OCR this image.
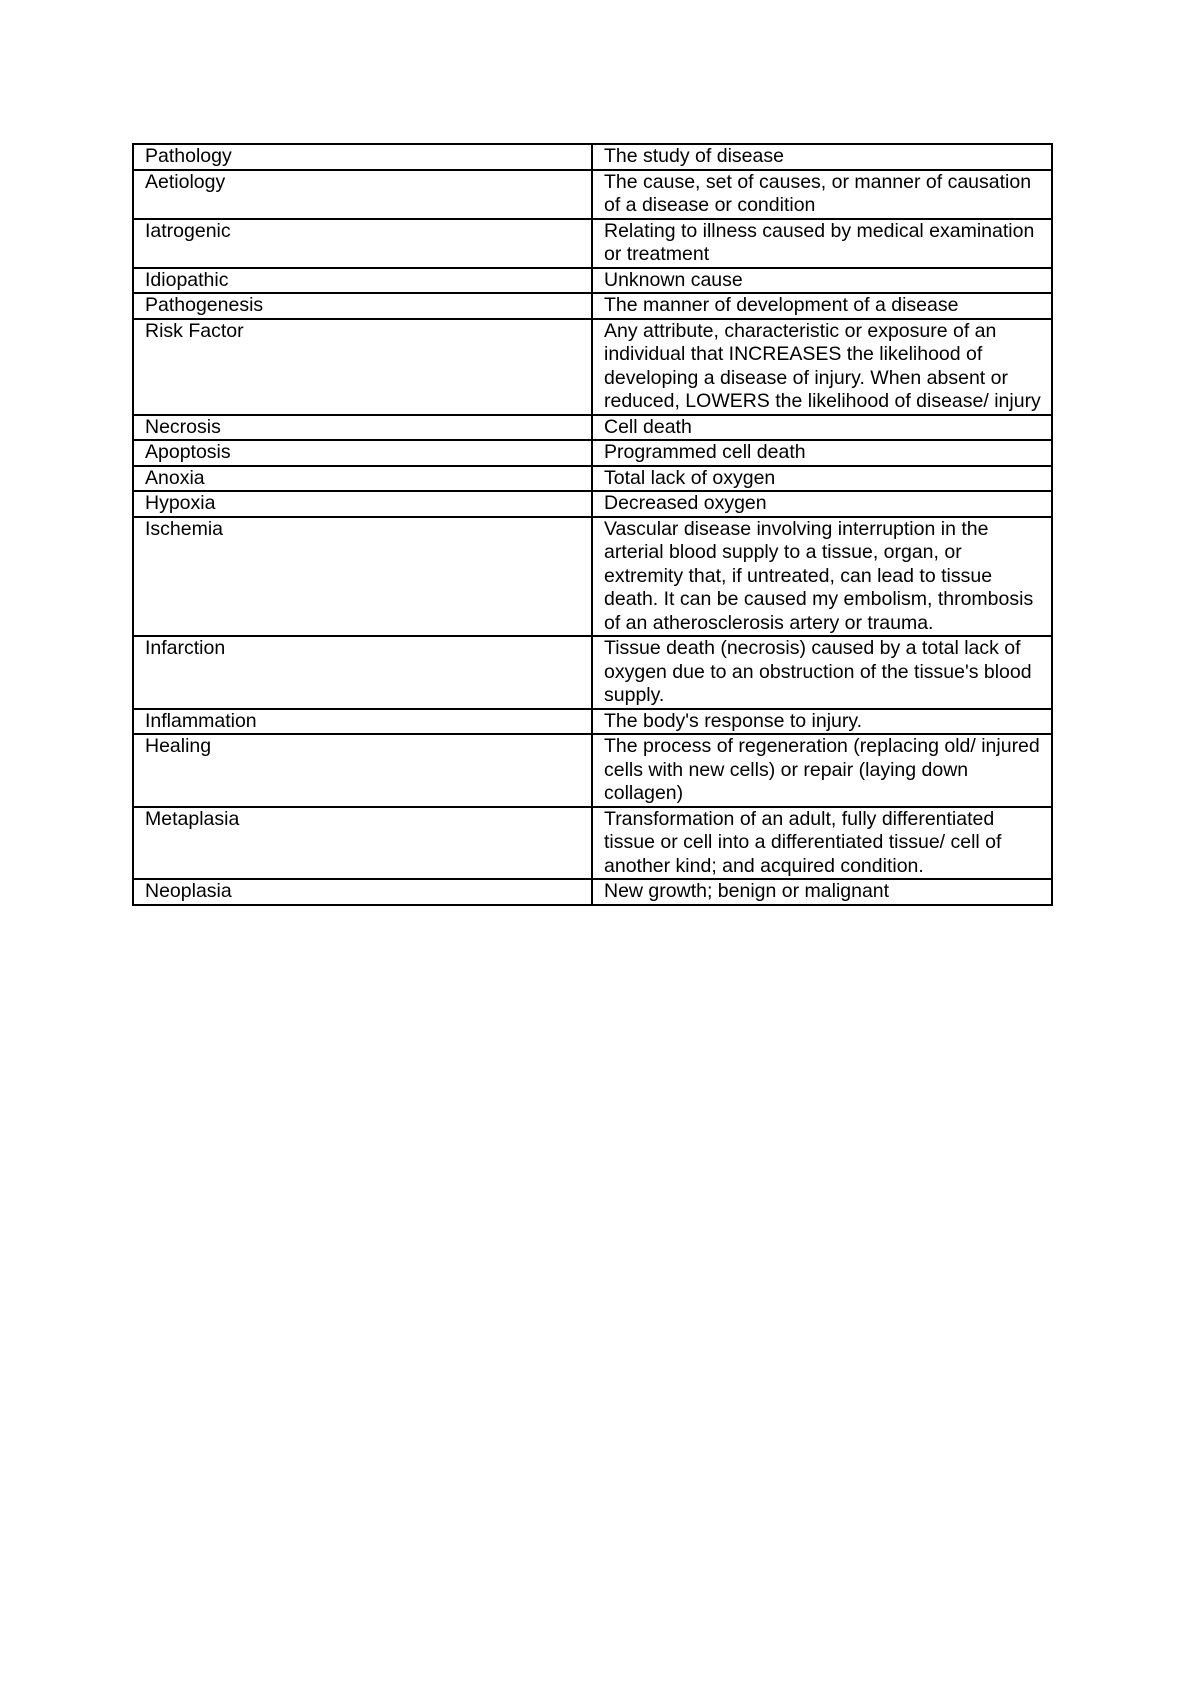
Pathology	The study of disease
Aetiology	The cause, set of causes, or manner of causation of a disease or condition
Iatrogenic	Relating to illness caused by medical examination or treatment
Idiopathic	Unknown cause
Pathogenesis	The manner of development of a disease
Risk Factor	Any attribute, characteristic or exposure of an individual that INCREASES the likelihood of developing a disease of injury. When absent or reduced, LOWERS the likelihood of disease/ injury
Necrosis	Cell death
Apoptosis	Programmed cell death
Anoxia	Total lack of oxygen
Hypoxia	Decreased oxygen
Ischemia	Vascular disease involving interruption in the arterial blood supply to a tissue, organ, or extremity that, if untreated, can lead to tissue death. It can be caused my embolism, thrombosis of an atherosclerosis artery or trauma.
Infarction	Tissue death (necrosis) caused by a total lack of oxygen due to an obstruction of the tissue's blood supply.
Inflammation	The body's response to injury.
Healing	The process of regeneration (replacing old/ injured cells with new cells) or repair (laying down collagen)
Metaplasia	Transformation of an adult, fully differentiated tissue or cell into a differentiated tissue/ cell of another kind; and acquired condition.
Neoplasia	New growth; benign or malignant
